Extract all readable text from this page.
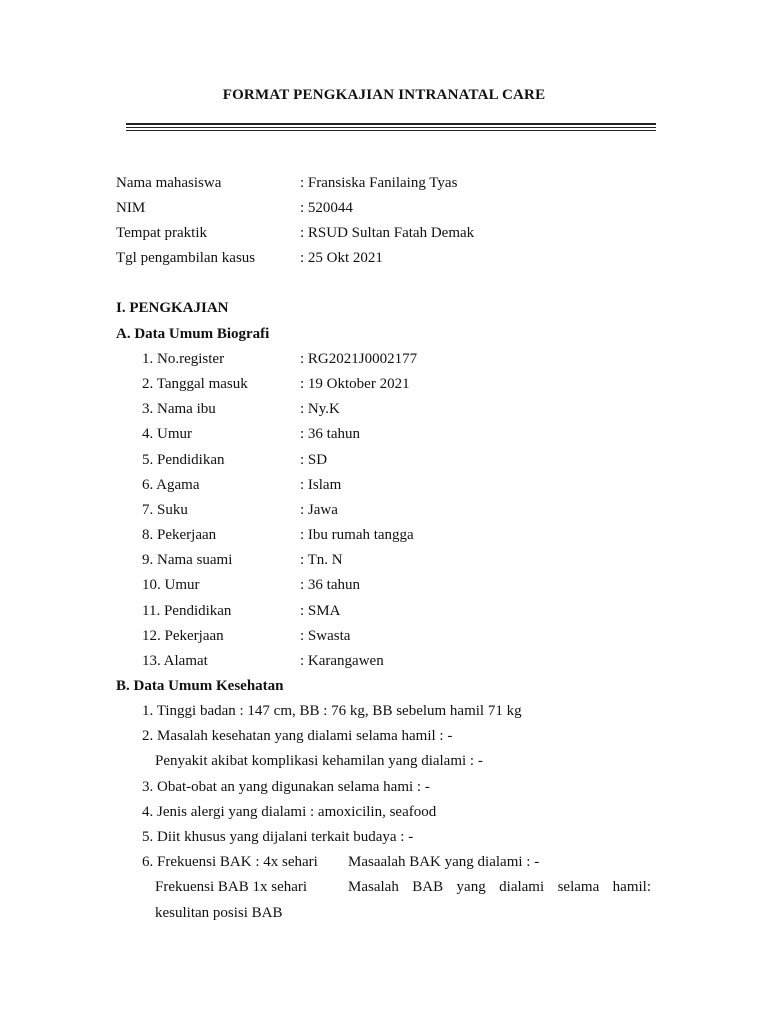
FORMAT PENGKAJIAN INTRANATAL CARE
Nama mahasiswa	: Fransiska Fanilaing Tyas
NIM	: 520044
Tempat praktik	: RSUD Sultan Fatah Demak
Tgl pengambilan kasus	: 25 Okt 2021
I. PENGKAJIAN
A. Data Umum Biografi
1. No.register	: RG2021J0002177
2. Tanggal masuk	: 19 Oktober 2021
3. Nama ibu	: Ny.K
4. Umur	: 36 tahun
5. Pendidikan	: SD
6. Agama	: Islam
7. Suku	: Jawa
8. Pekerjaan	: Ibu rumah tangga
9. Nama suami	: Tn. N
10. Umur	: 36 tahun
11. Pendidikan	: SMA
12. Pekerjaan	: Swasta
13. Alamat	: Karangawen
B. Data Umum Kesehatan
1. Tinggi badan : 147 cm, BB : 76 kg, BB sebelum hamil 71 kg
2. Masalah kesehatan yang dialami selama hamil : -
Penyakit akibat komplikasi kehamilan yang dialami : -
3. Obat-obat an yang digunakan selama hami : -
4. Jenis alergi yang dialami : amoxicilin, seafood
5. Diit khusus yang dijalani terkait budaya : -
6. Frekuensi BAK : 4x sehari Masaalah BAK yang dialami : -
Frekuensi BAB 1x sehari	Masalah BAB yang dialami selama hamil:
kesulitan posisi BAB
